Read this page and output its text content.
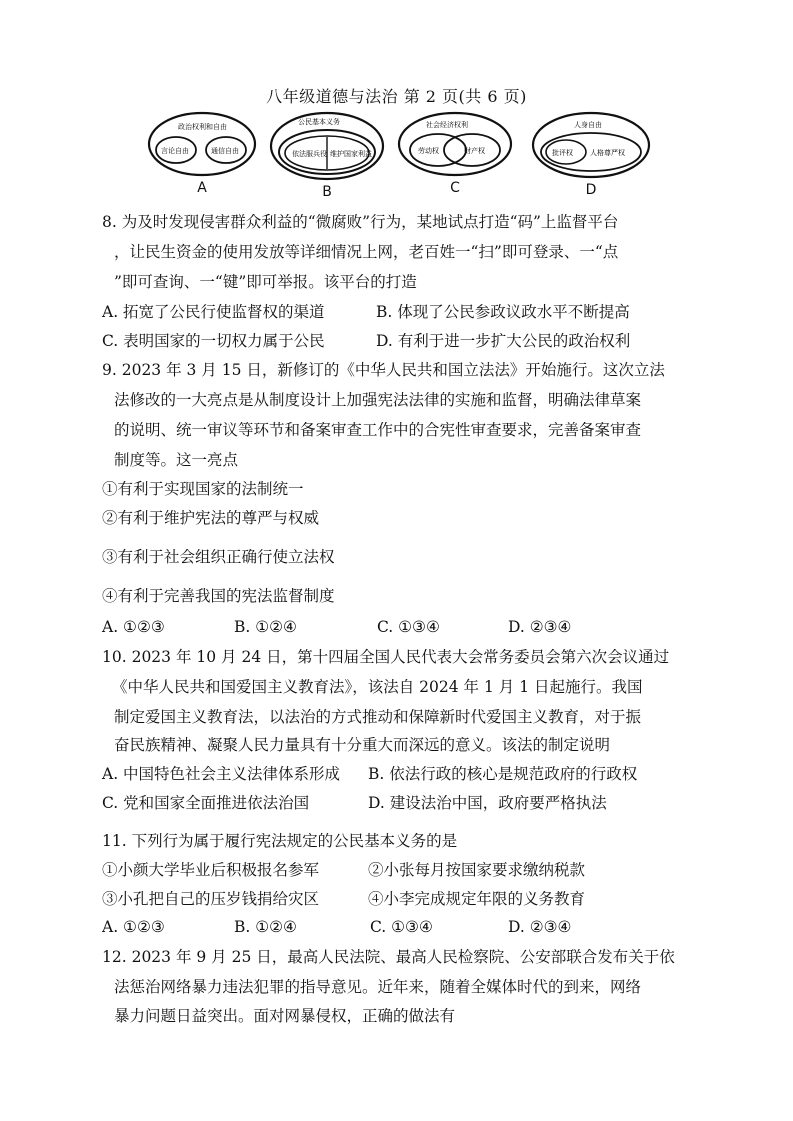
八年级道德与法治 第 2 页(共 6 页)
政治权利和自由
言论自由	通信自由
A
公民基本义务
依法服兵役 维护国家利益
B
社会经济权利
劳动权	财产权
C
人身自由
批评权 人格尊严权
D
8. 为及时发现侵害群众利益的“微腐败”行为，某地试点打造“码”上监督平台
，让民生资金的使用发放等详细情况上网，老百姓一“扫”即可登录、一“点
”即可查询、一“键”即可举报。该平台的打造
A. 拓宽了公民行使监督权的渠道	B. 体现了公民参政议政水平不断提高
C. 表明国家的一切权力属于公民	D. 有利于进一步扩大公民的政治权利
9. 2023 年 3 月 15 日，新修订的《中华人民共和国立法法》开始施行。这次立法
法修改的一大亮点是从制度设计上加强宪法法律的实施和监督，明确法律草案
的说明、统一审议等环节和备案审查工作中的合宪性审查要求，完善备案审查
制度等。这一亮点
①有利于实现国家的法制统一
②有利于维护宪法的尊严与权威
③有利于社会组织正确行使立法权
④有利于完善我国的宪法监督制度
A. ①②③	B. ①②④	C. ①③④	D. ②③④
10. 2023 年 10 月 24 日，第十四届全国人民代表大会常务委员会第六次会议通过
《中华人民共和国爱国主义教育法》，该法自 2024 年 1 月 1 日起施行。我国
制定爱国主义教育法，以法治的方式推动和保障新时代爱国主义教育，对于振
奋民族精神、凝聚人民力量具有十分重大而深远的意义。该法的制定说明
A. 中国特色社会主义法律体系形成 B. 依法行政的核心是规范政府的行政权
C. 党和国家全面推进依法治国	D. 建设法治中国，政府要严格执法
11. 下列行为属于履行宪法规定的公民基本义务的是
①小颜大学毕业后积极报名参军	②小张每月按国家要求缴纳税款
③小孔把自己的压岁钱捐给灾区	④小李完成规定年限的义务教育
A. ①②③	B. ①②④	C. ①③④	D. ②③④
12. 2023 年 9 月 25 日，最高人民法院、最高人民检察院、公安部联合发布关于依
法惩治网络暴力违法犯罪的指导意见。近年来，随着全媒体时代的到来，网络
暴力问题日益突出。面对网暴侵权，正确的做法有
